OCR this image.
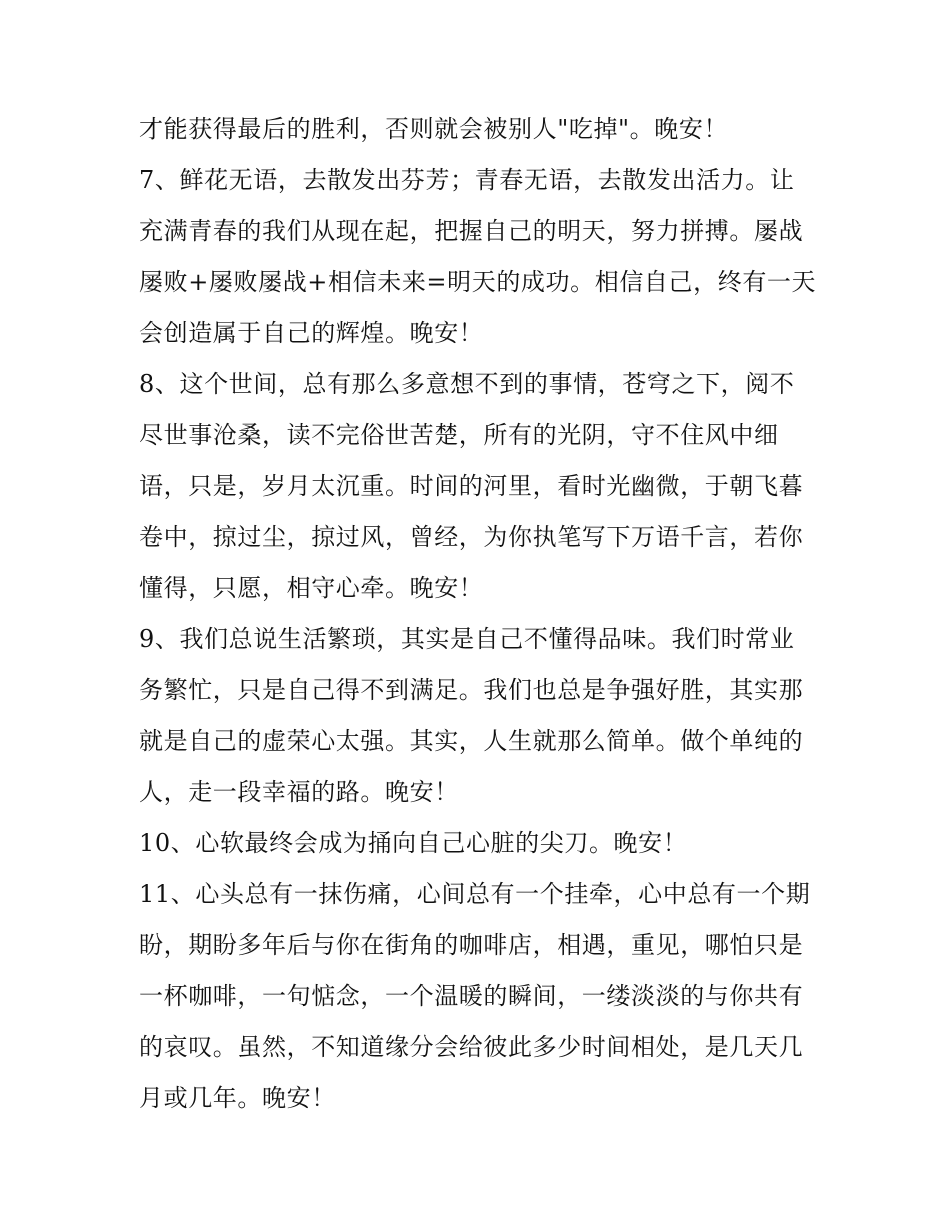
才能获得最后的胜利，否则就会被别人"吃掉"。晚安！
7、鲜花无语，去散发出芬芳；青春无语，去散发出活力。让
充满青春的我们从现在起，把握自己的明天，努力拼搏。屡战
屡败+屡败屡战+相信未来=明天的成功。相信自己，终有一天
会创造属于自己的辉煌。晚安！
8、这个世间，总有那么多意想不到的事情，苍穹之下，阅不
尽世事沧桑，读不完俗世苦楚，所有的光阴，守不住风中细
语，只是，岁月太沉重。时间的河里，看时光幽微，于朝飞暮
卷中，掠过尘，掠过风，曾经，为你执笔写下万语千言，若你
懂得，只愿，相守心牵。晚安！
9、我们总说生活繁琐，其实是自己不懂得品味。我们时常业
务繁忙，只是自己得不到满足。我们也总是争强好胜，其实那
就是自己的虚荣心太强。其实，人生就那么简单。做个单纯的
人，走一段幸福的路。晚安！
10、心软最终会成为捅向自己心脏的尖刀。晚安！
11、心头总有一抹伤痛，心间总有一个挂牵，心中总有一个期
盼，期盼多年后与你在街角的咖啡店，相遇，重见，哪怕只是
一杯咖啡，一句惦念，一个温暖的瞬间，一缕淡淡的与你共有
的哀叹。虽然，不知道缘分会给彼此多少时间相处，是几天几
月或几年。晚安！
